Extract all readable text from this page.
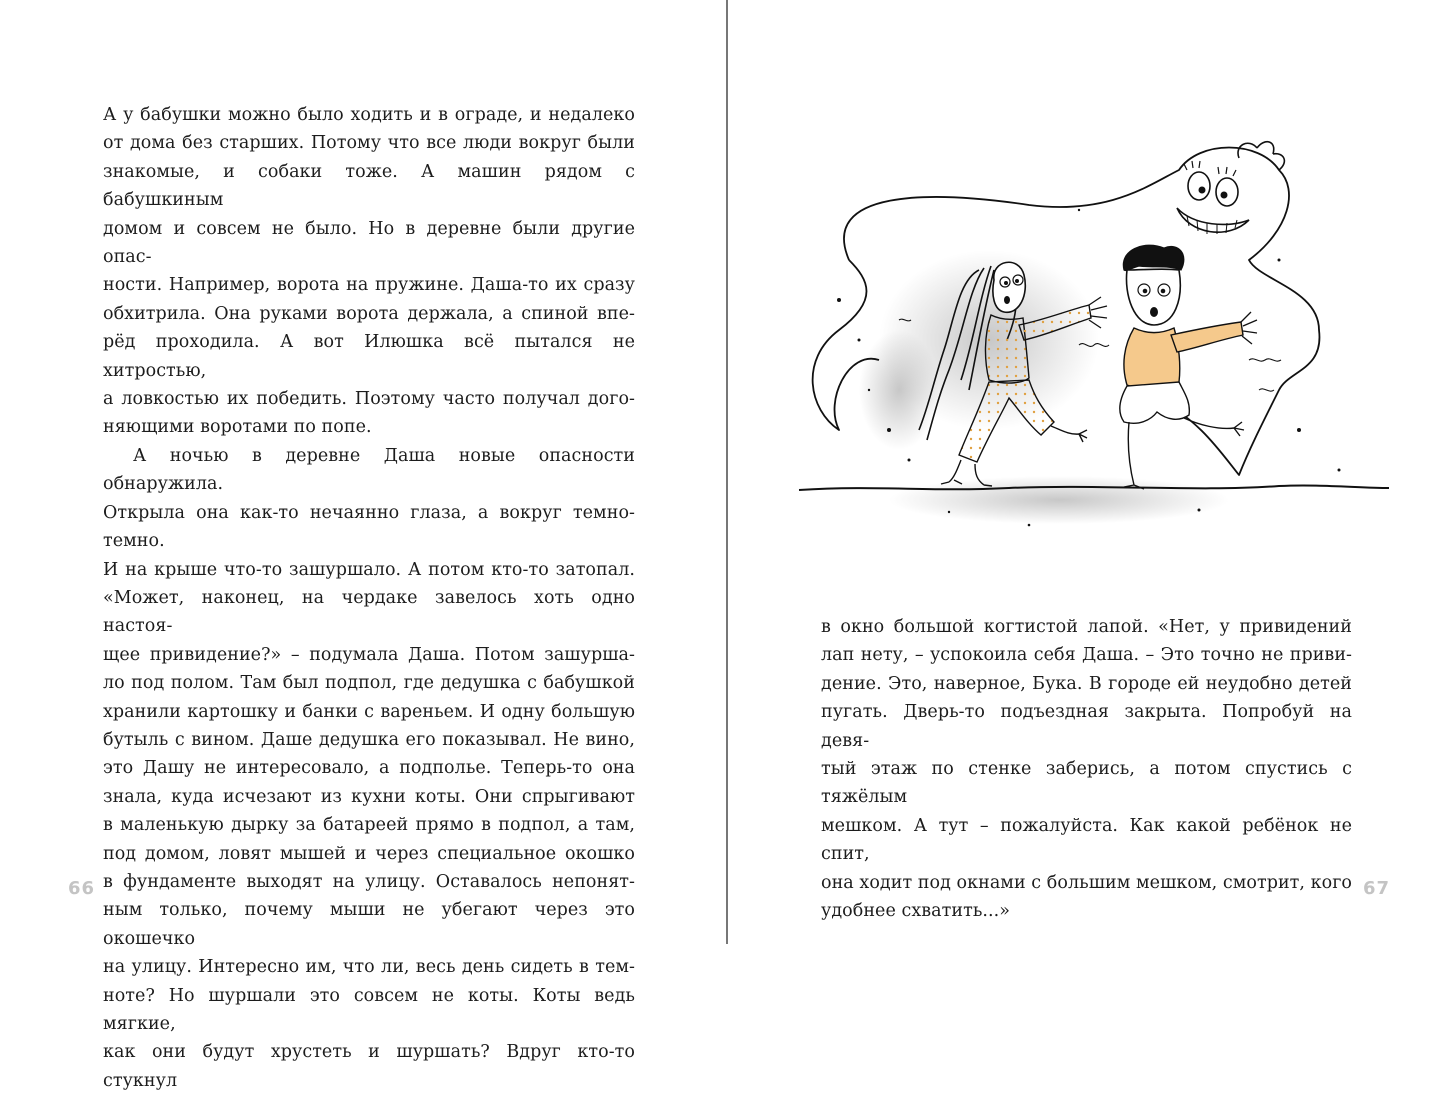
А у бабушки можно было ходить и в ограде, и недалеко

от дома без старших. Потому что все люди вокруг были

знакомые, и собаки тоже. А машин рядом с бабушкиным

домом и совсем не было. Но в деревне были другие опас-

ности. Например, ворота на пружине. Даша-то их сразу

обхитрила. Она руками ворота держала, а спиной впе-

рёд проходила. А вот Илюшка всё пытался не хитростью,

а ловкостью их победить. Поэтому часто получал дого-

няющими воротами по попе.

А ночью в деревне Даша новые опасности обнаружила.

Открыла она как-то нечаянно глаза, а вокруг темно-темно.

И на крыше что-то зашуршало. А потом кто-то затопал.

«Может, наконец, на чердаке завелось хоть одно настоя-

щее привидение?» – подумала Даша. Потом зашурша-

ло под полом. Там был подпол, где дедушка с бабушкой

хранили картошку и банки с вареньем. И одну большую

бутыль с вином. Даше дедушка его показывал. Не вино,

это Дашу не интересовало, а подполье. Теперь-то она

знала, куда исчезают из кухни коты. Они спрыгивают

в маленькую дырку за батареей прямо в подпол, а там,

под домом, ловят мышей и через специальное окошко

в фундаменте выходят на улицу. Оставалось непонят-

ным только, почему мыши не убегают через это окошечко

на улицу. Интересно им, что ли, весь день сидеть в тем-

ноте? Но шуршали это совсем не коты. Коты ведь мягкие,

как они будут хрустеть и шуршать? Вдруг кто-то стукнул

66

в окно большой когтистой лапой. «Нет, у привидений

лап нету, – успокоила себя Даша. – Это точно не приви-

дение. Это, наверное, Бука. В городе ей неудобно детей

пугать. Дверь-то подъездная закрыта. Попробуй на девя-

тый этаж по стенке заберись, а потом спустись с тяжёлым

мешком. А тут – пожалуйста. Как какой ребёнок не спит,

она ходит под окнами с большим мешком, смотрит, кого

удобнее схватить...»

67
